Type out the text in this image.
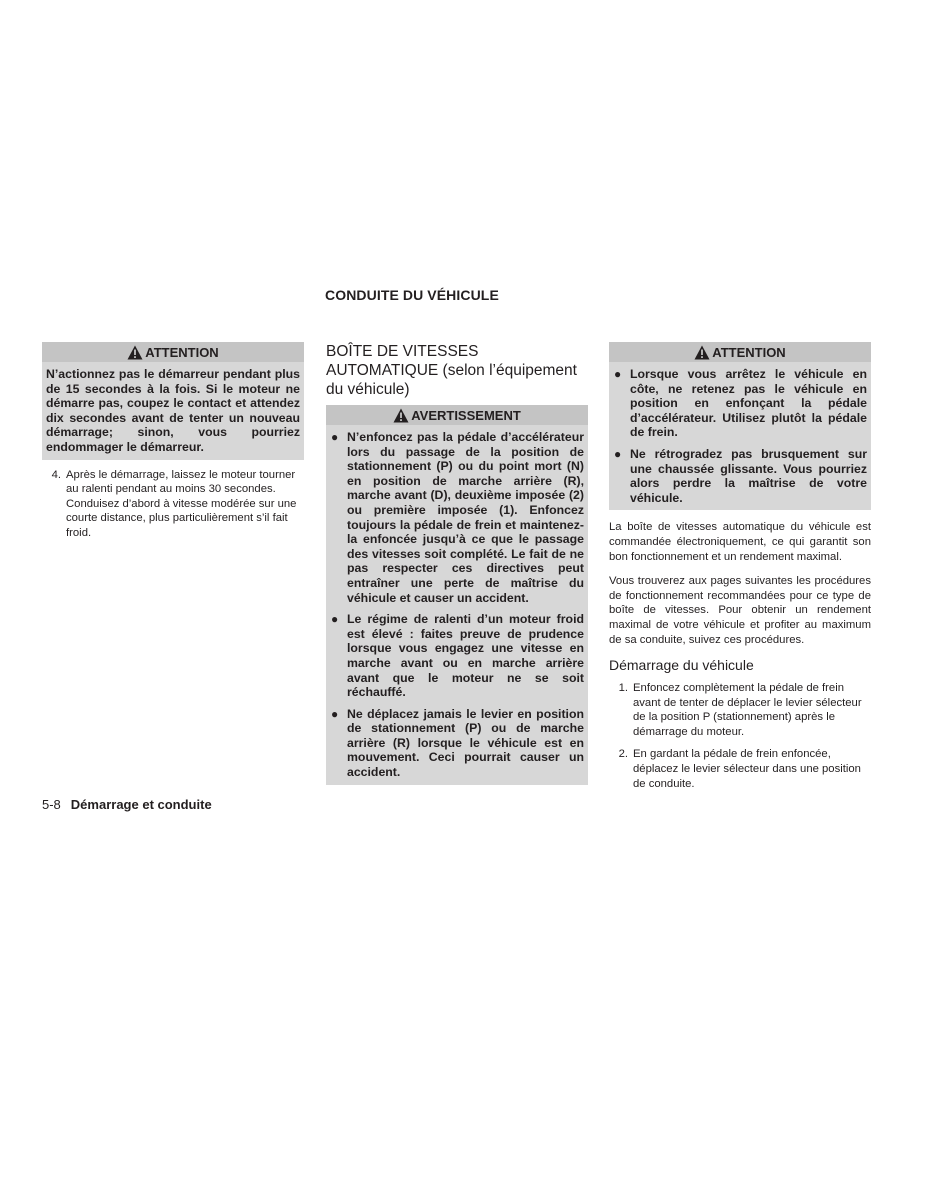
CONDUITE DU VÉHICULE
ATTENTION
N’actionnez pas le démarreur pendant plus de 15 secondes à la fois. Si le moteur ne démarre pas, coupez le contact et attendez dix secondes avant de tenter un nouveau démarrage; sinon, vous pourriez endommager le démarreur.
4. Après le démarrage, laissez le moteur tourner au ralenti pendant au moins 30 secondes. Conduisez d’abord à vitesse modérée sur une courte distance, plus particulièrement s’il fait froid.
BOÎTE DE VITESSES AUTOMATIQUE (selon l’équipement du véhicule)
AVERTISSEMENT
● N’enfoncez pas la pédale d’accélérateur lors du passage de la position de stationnement (P) ou du point mort (N) en position de marche arrière (R), marche avant (D), deuxième imposée (2) ou première imposée (1). Enfoncez toujours la pédale de frein et maintenez-la enfoncée jusqu’à ce que le passage des vitesses soit complété. Le fait de ne pas respecter ces directives peut entraîner une perte de maîtrise du véhicule et causer un accident.
● Le régime de ralenti d’un moteur froid est élevé : faites preuve de prudence lorsque vous engagez une vitesse en marche avant ou en marche arrière avant que le moteur ne se soit réchauffé.
● Ne déplacez jamais le levier en position de stationnement (P) ou de marche arrière (R) lorsque le véhicule est en mouvement. Ceci pourrait causer un accident.
ATTENTION
● Lorsque vous arrêtez le véhicule en côte, ne retenez pas le véhicule en position en enfonçant la pédale d’accélérateur. Utilisez plutôt la pédale de frein.
● Ne rétrogradez pas brusquement sur une chaussée glissante. Vous pourriez alors perdre la maîtrise de votre véhicule.
La boîte de vitesses automatique du véhicule est commandée électroniquement, ce qui garantit son bon fonctionnement et un rendement maximal.
Vous trouverez aux pages suivantes les procédures de fonctionnement recommandées pour ce type de boîte de vitesses. Pour obtenir un rendement maximal de votre véhicule et profiter au maximum de sa conduite, suivez ces procédures.
Démarrage du véhicule
1. Enfoncez complètement la pédale de frein avant de tenter de déplacer le levier sélecteur de la position P (stationnement) après le démarrage du moteur.
2. En gardant la pédale de frein enfoncée, déplacez le levier sélecteur dans une position de conduite.
5-8 Démarrage et conduite
